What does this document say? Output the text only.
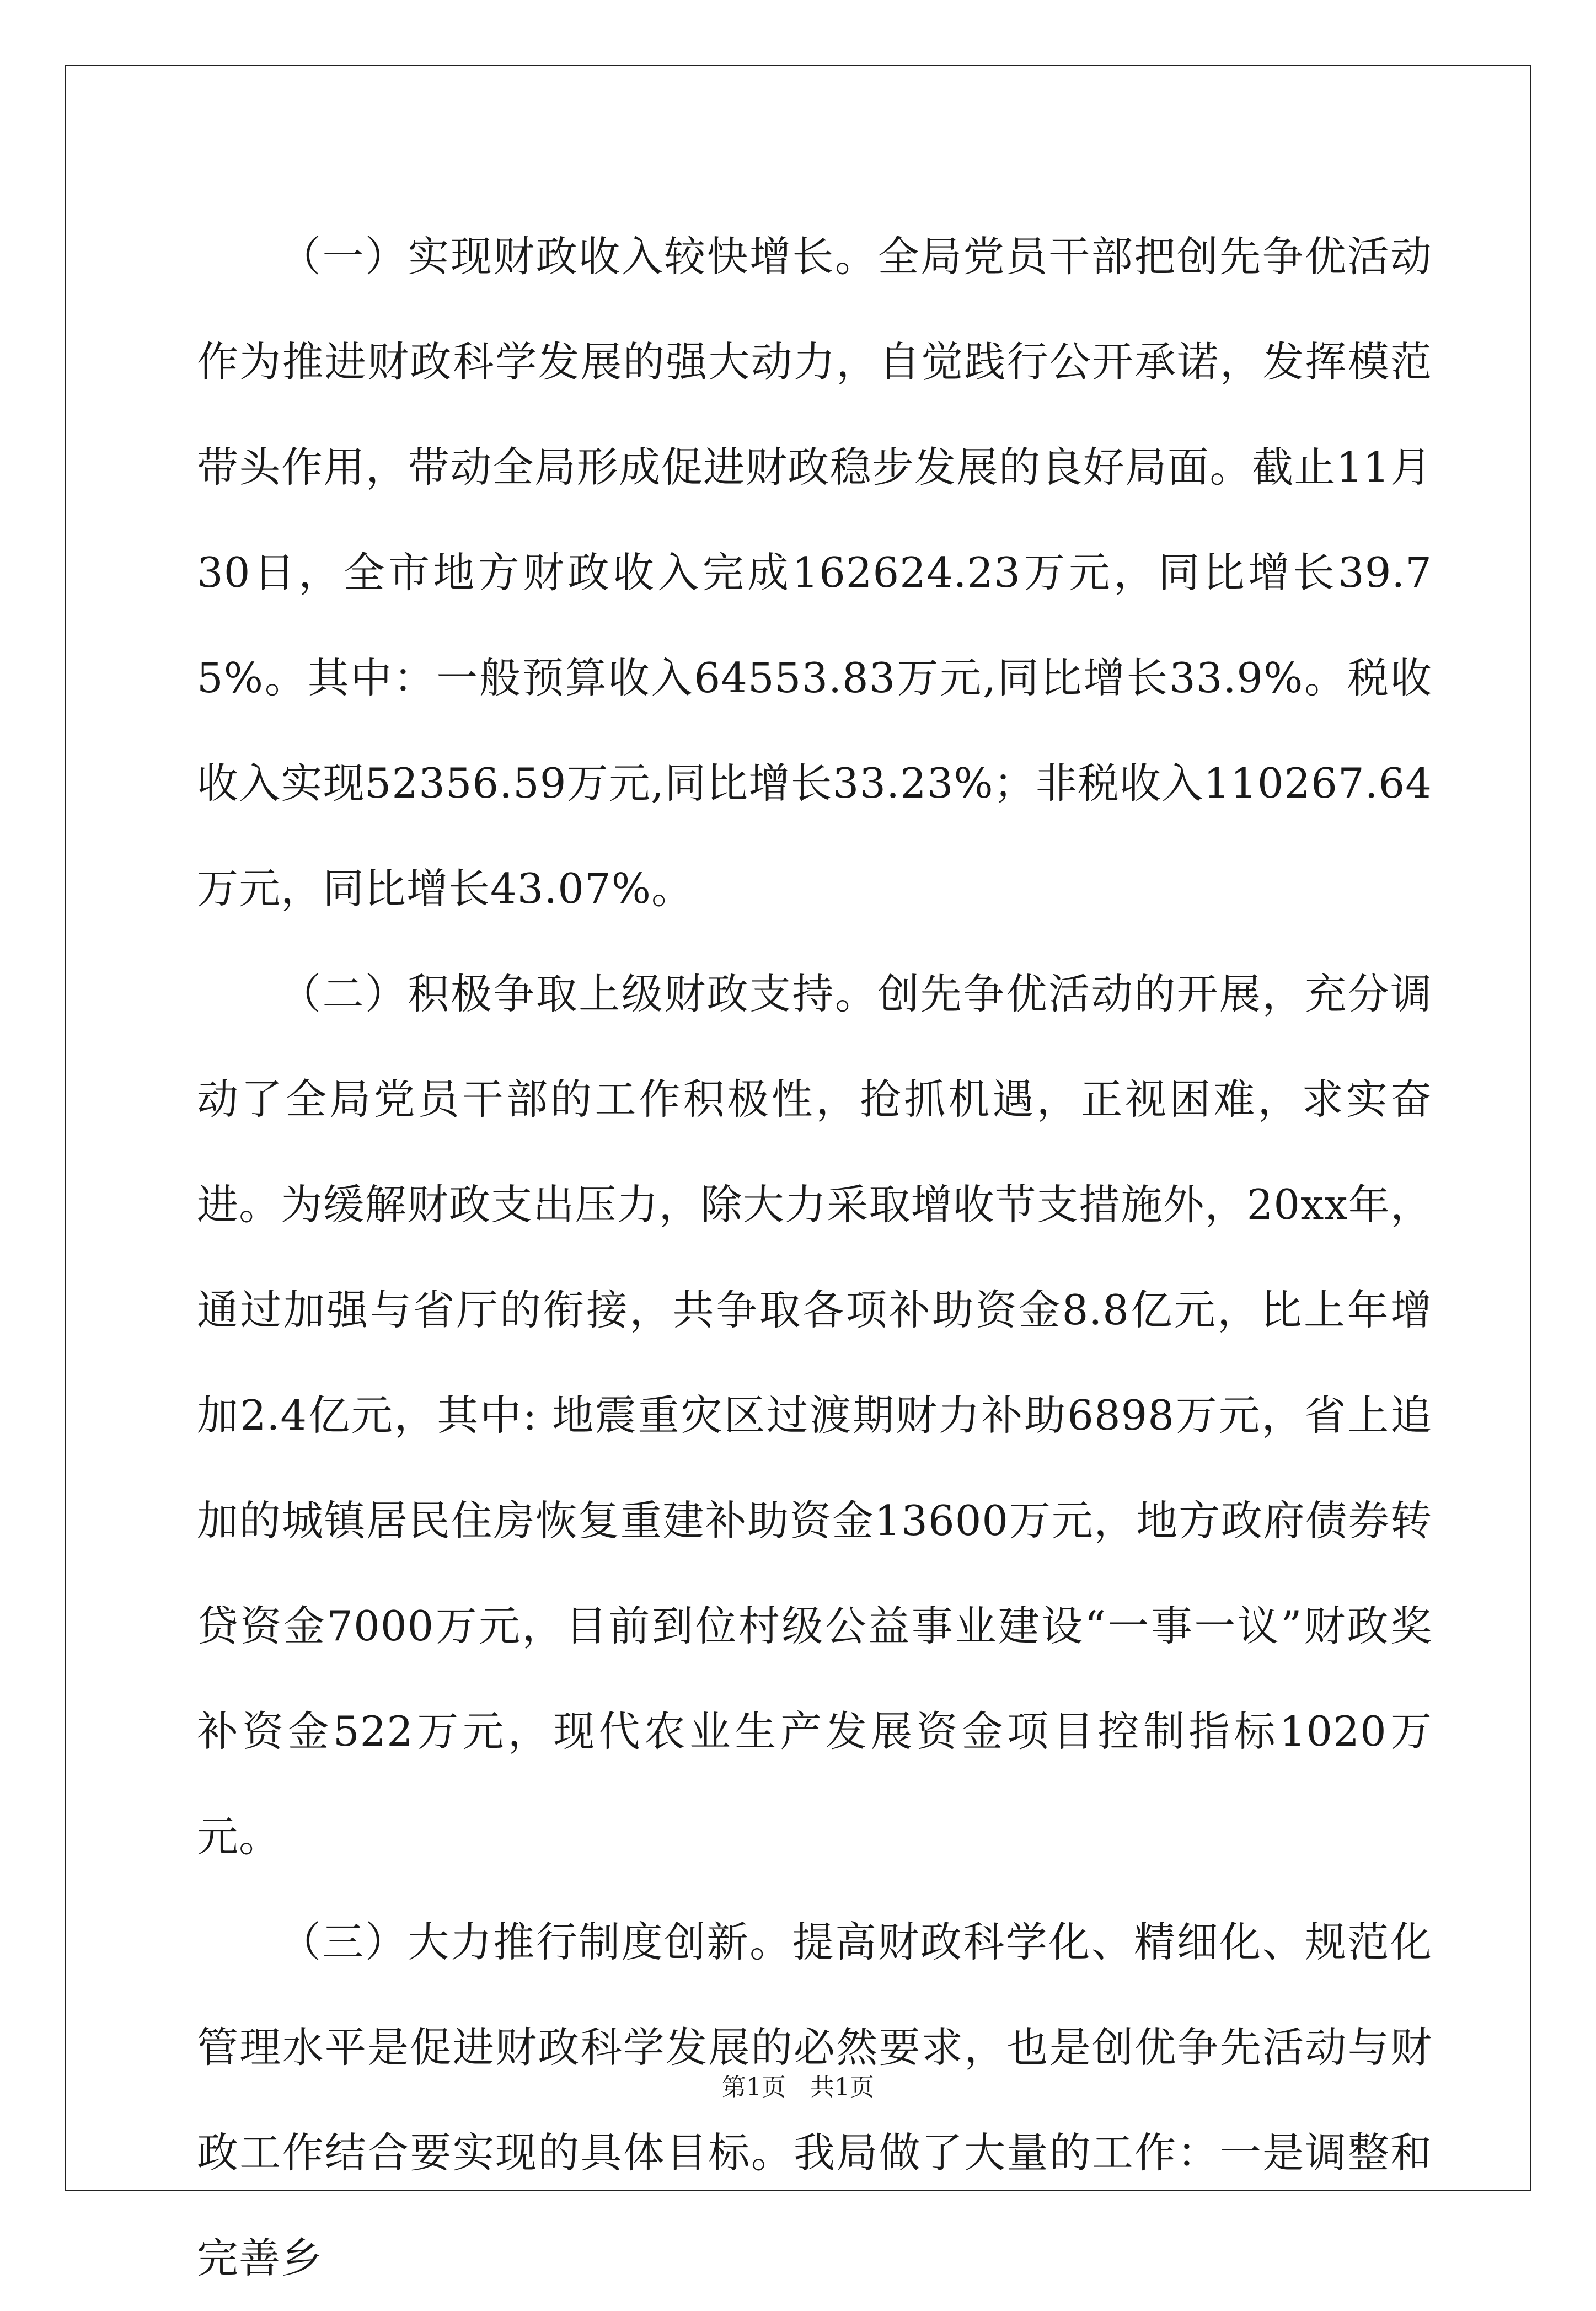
（一）实现财政收入较快增长。全局党员干部把创先争优活动作为推进财政科学发展的强大动力，自觉践行公开承诺，发挥模范带头作用，带动全局形成促进财政稳步发展的良好局面。截止11月30日，全市地方财政收入完成162624.23万元，同比增长39.75%。其中：一般预算收入64553.83万元,同比增长33.9%。税收收入实现52356.59万元,同比增长33.23%；非税收入110267.64万元，同比增长43.07%。

（二）积极争取上级财政支持。创先争优活动的开展，充分调动了全局党员干部的工作积极性，抢抓机遇，正视困难，求实奋进。为缓解财政支出压力，除大力采取增收节支措施外，20xx年，通过加强与省厅的衔接，共争取各项补助资金8.8亿元，比上年增加2.4亿元，其中: 地震重灾区过渡期财力补助6898万元，省上追加的城镇居民住房恢复重建补助资金13600万元，地方政府债券转贷资金7000万元，目前到位村级公益事业建设“一事一议”财政奖补资金522万元，现代农业生产发展资金项目控制指标1020万元。

（三）大力推行制度创新。提高财政科学化、精细化、规范化管理水平是促进财政科学发展的必然要求，也是创优争先活动与财政工作结合要实现的具体目标。我局做了大量的工作：一是调整和完善乡

第1页 共1页
